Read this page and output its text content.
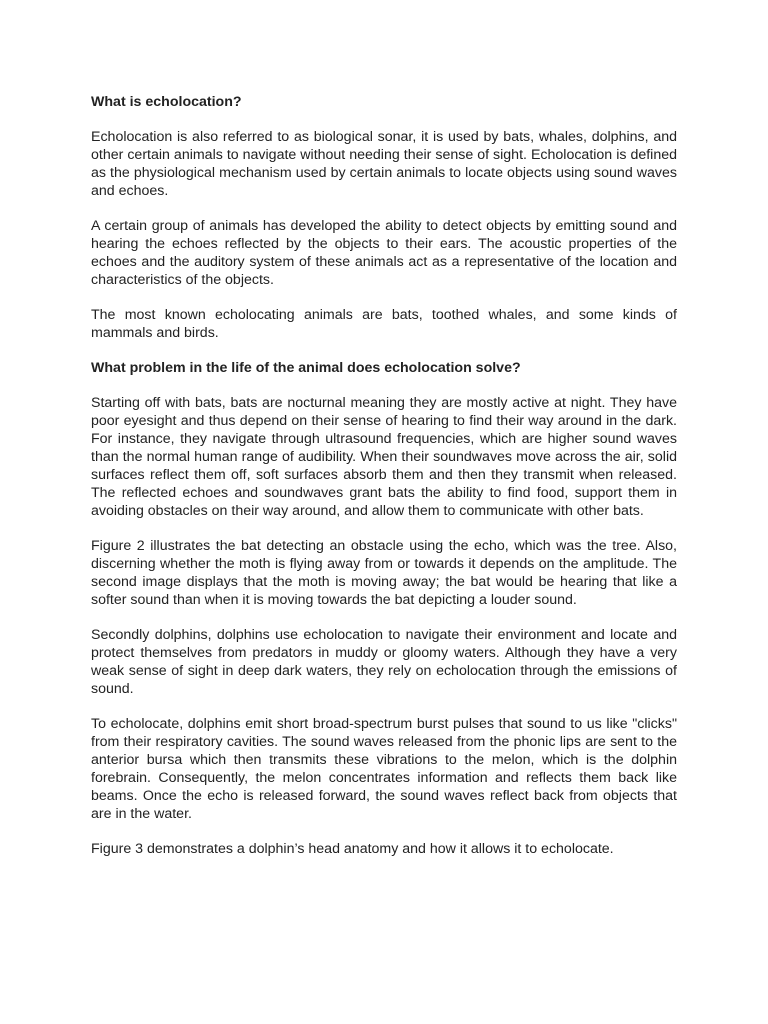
What is echolocation?
Echolocation is also referred to as biological sonar, it is used by bats, whales, dolphins, and other certain animals to navigate without needing their sense of sight. Echolocation is defined as the physiological mechanism used by certain animals to locate objects using sound waves and echoes.
A certain group of animals has developed the ability to detect objects by emitting sound and hearing the echoes reflected by the objects to their ears. The acoustic properties of the echoes and the auditory system of these animals act as a representative of the location and characteristics of the objects.
The most known echolocating animals are bats, toothed whales, and some kinds of mammals and birds.
What problem in the life of the animal does echolocation solve?
Starting off with bats, bats are nocturnal meaning they are mostly active at night. They have poor eyesight and thus depend on their sense of hearing to find their way around in the dark. For instance, they navigate through ultrasound frequencies, which are higher sound waves than the normal human range of audibility. When their soundwaves move across the air, solid surfaces reflect them off, soft surfaces absorb them and then they transmit when released. The reflected echoes and soundwaves grant bats the ability to find food, support them in avoiding obstacles on their way around, and allow them to communicate with other bats.
Figure 2 illustrates the bat detecting an obstacle using the echo, which was the tree. Also, discerning whether the moth is flying away from or towards it depends on the amplitude. The second image displays that the moth is moving away; the bat would be hearing that like a softer sound than when it is moving towards the bat depicting a louder sound.
Secondly dolphins, dolphins use echolocation to navigate their environment and locate and protect themselves from predators in muddy or gloomy waters. Although they have a very weak sense of sight in deep dark waters, they rely on echolocation through the emissions of sound.
To echolocate, dolphins emit short broad-spectrum burst pulses that sound to us like "clicks" from their respiratory cavities. The sound waves released from the phonic lips are sent to the anterior bursa which then transmits these vibrations to the melon, which is the dolphin forebrain. Consequently, the melon concentrates information and reflects them back like beams. Once the echo is released forward, the sound waves reflect back from objects that are in the water.
Figure 3 demonstrates a dolphin’s head anatomy and how it allows it to echolocate.
